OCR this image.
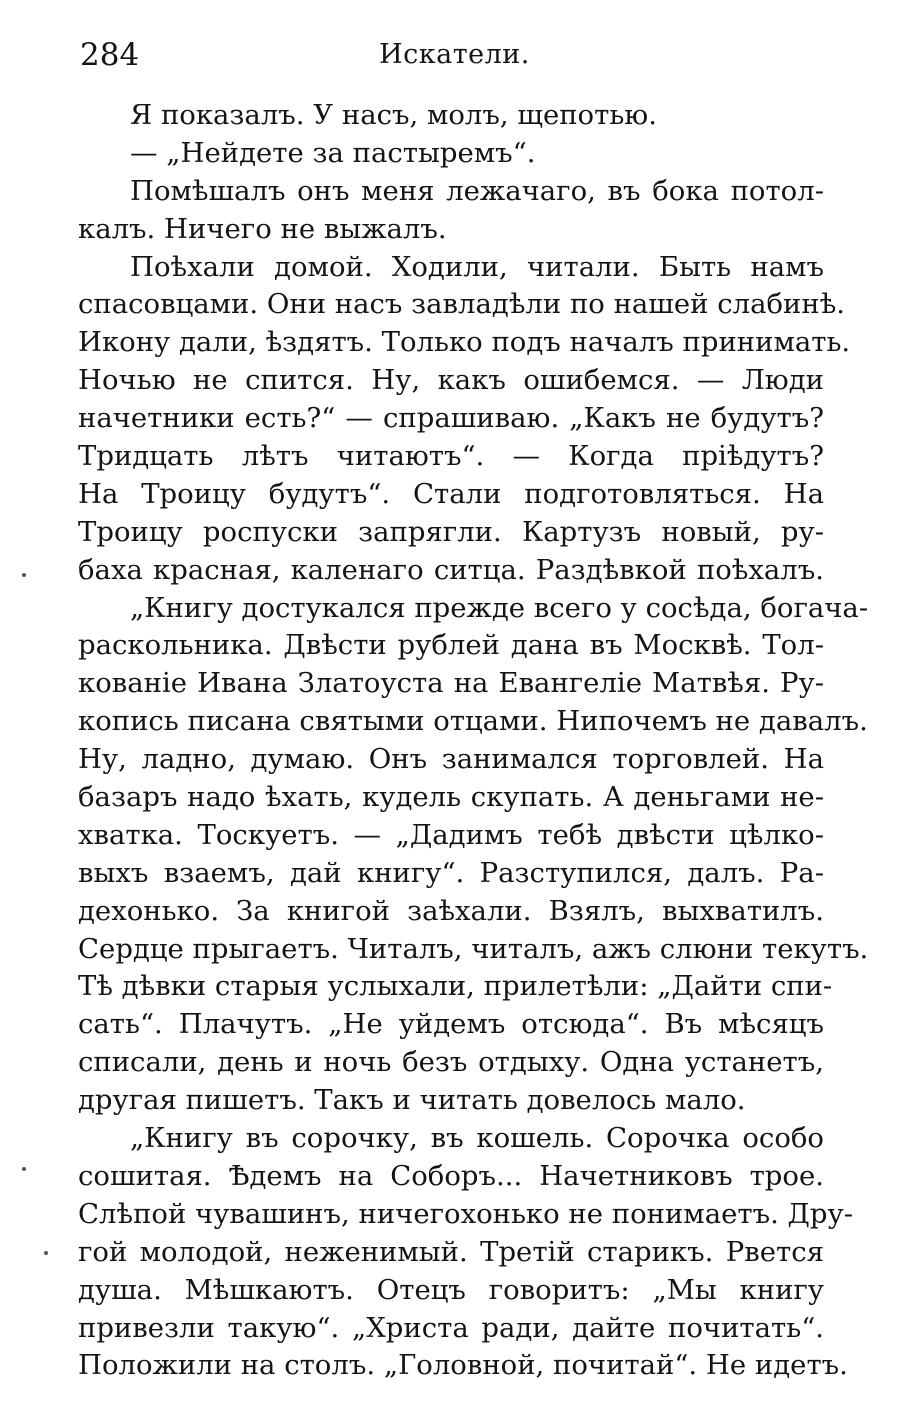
284	Искатели.
Я показалъ. У насъ, молъ, щепотью.
— „Нейдете за пастыремъ“.
Помѣшалъ онъ меня лежачаго, въ бока потол-
калъ. Ничего не выжалъ.
Поѣхали домой. Ходили, читали. Быть намъ
спасовцами. Они насъ завладѣли по нашей слабинѣ.
Икону дали, ѣздятъ. Только подъ началъ принимать.
Ночью не спится. Ну, какъ ошибемся. — Люди
начетники есть?“ — спрашиваю. „Какъ не будутъ?
Тридцать лѣтъ читаютъ“. — Когда пріѣдутъ?
На Троицу будутъ“. Стали подготовляться. На
Троицу роспуски запрягли. Картузъ новый, ру-
баха красная, каленаго ситца. Раздѣвкой поѣхалъ.
„Книгу достукался прежде всего у сосѣда, богача-
раскольника. Двѣсти рублей дана въ Москвѣ. Тол-
кованіе Ивана Златоуста на Евангеліе Матвѣя. Ру-
копись писана святыми отцами. Нипочемъ не давалъ.
Ну, ладно, думаю. Онъ занимался торговлей. На
базаръ надо ѣхать, кудель скупать. А деньгами не-
хватка. Тоскуетъ. — „Дадимъ тебѣ двѣсти цѣлко-
выхъ взаемъ, дай книгу“. Разступился, далъ. Ра-
дехонько. За книгой заѣхали. Взялъ, выхватилъ.
Сердце прыгаетъ. Читалъ, читалъ, ажъ слюни текутъ.
Тѣ дѣвки старыя услыхали, прилетѣли: „Дайти спи-
сать“. Плачутъ. „Не уйдемъ отсюда“. Въ мѣсяцъ
списали, день и ночь безъ отдыху. Одна устанетъ,
другая пишетъ. Такъ и читать довелось мало.
„Книгу въ сорочку, въ кошель. Сорочка особо
сошитая. Ѣдемъ на Соборъ... Начетниковъ трое.
Слѣпой чувашинъ, ничегохонько не понимаетъ. Дру-
гой молодой, неженимый. Третій старикъ. Рвется
душа. Мѣшкаютъ. Отецъ говоритъ: „Мы книгу
привезли такую“. „Христа ради, дайте почитать“.
Положили на столъ. „Головной, почитай“. Не идетъ.
